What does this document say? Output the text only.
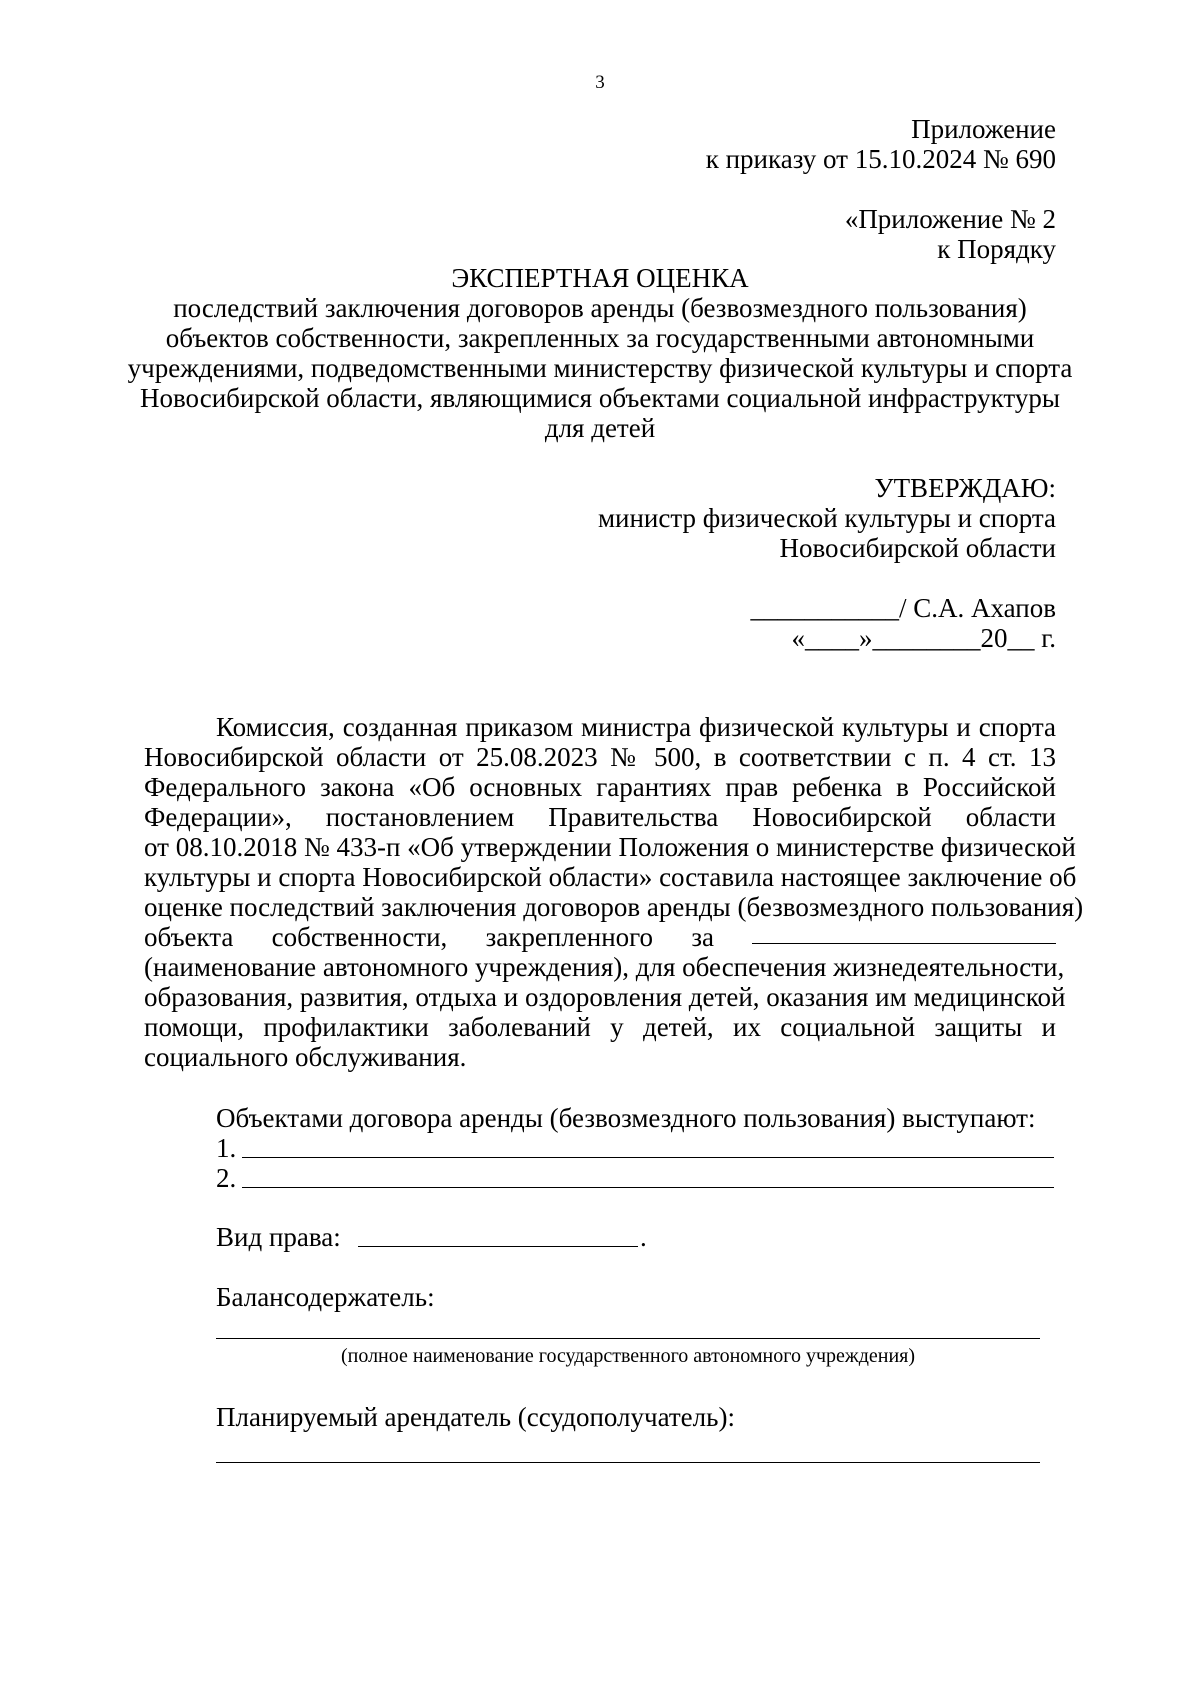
3
Приложение
к приказу от 15.10.2024 № 690
«Приложение № 2
к Порядку
ЭКСПЕРТНАЯ ОЦЕНКА
последствий заключения договоров аренды (безвозмездного пользования)
объектов собственности, закрепленных за государственными автономными
учреждениями, подведомственными министерству физической культуры и спорта
Новосибирской области, являющимися объектами социальной инфраструктуры
для детей
УТВЕРЖДАЮ:
министр физической культуры и спорта
Новосибирской области
___________/ С.А. Ахапов
«____»________20__ г.
Комиссия, созданная приказом министра физической культуры и спорта
Новосибирской области от 25.08.2023 № 500, в соответствии с п. 4 ст. 13
Федерального закона «Об основных гарантиях прав ребенка в Российской
Федерации», постановлением Правительства Новосибирской области
от 08.10.2018 № 433-п «Об утверждении Положения о министерстве физической
культуры и спорта Новосибирской области» составила настоящее заключение об
оценке последствий заключения договоров аренды (безвозмездного пользования)
объекта собственности, закрепленного за
(наименование автономного учреждения), для обеспечения жизнедеятельности,
образования, развития, отдыха и оздоровления детей, оказания им медицинской
помощи, профилактики заболеваний у детей, их социальной защиты и
социального обслуживания.
Объектами договора аренды (безвозмездного пользования) выступают:
1.
2.
Вид права:	.
Балансодержатель:
(полное наименование государственного автономного учреждения)
Планируемый арендатель (ссудополучатель):
